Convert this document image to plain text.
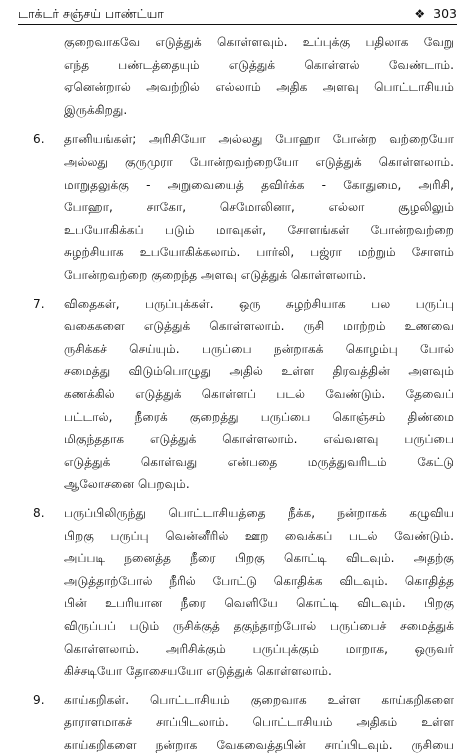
டாக்டர் சஞ்சய் பாண்ட்யா	❖ 303
குறைவாகவே எடுத்துக் கொள்ளவும். உப்புக்கு பதிலாக வேறு
எந்த பண்டத்தையும் எடுத்துக் கொள்ளல் வேண்டாம்.
ஏனென்றால் அவற்றில் எல்லாம் அதிக அளவு பொட்டாசியம்
இருக்கிறது.
6. தானியங்கள்; அரிசியோ அல்லது போஹா போன்ற வற்றையோ
அல்லது குருமுரா போன்றவற்றையோ எடுத்துக் கொள்ளலாம்.
மாறுதலுக்கு - அறுவையைத் தவிர்க்க - கோதுமை, அரிசி,
போஹா, சாகோ, செமோலினா, எல்லா சூழலிலும்
உபயோகிக்கப் படும் மாவுகள், சோளங்கள் போன்றவற்றை
சுழற்சியாக உபயோகிக்கலாம். பார்லி, பஜ்ரா மற்றும் சோளம்
போன்றவற்றை குறைந்த அளவு எடுத்துக் கொள்ளலாம்.
7. விதைகள், பருப்புக்கள். ஒரு சுழற்சியாக பல பருப்பு
வகைகளை எடுத்துக் கொள்ளலாம். ருசி மாற்றம் உணவை
ருசிக்கச் செய்யும். பருப்பை நன்றாகக் கொழம்பு போல்
சமைத்து விடும்பொழுது அதில் உள்ள திரவத்தின் அளவும்
கணக்கில் எடுத்துக் கொள்ளப் படல் வேண்டும். தேவைப்
பட்டால், நீரைக் குறைத்து பருப்பை கொஞ்சம் திண்மை
மிகுந்ததாக எடுத்துக் கொள்ளலாம். எவ்வளவு பருப்பை
எடுத்துக் கொள்வது என்பதை மருத்துவரிடம் கேட்டு
ஆலோசனை பெறவும்.
8. பருப்பிலிருந்து பொட்டாசியத்தை நீக்க, நன்றாகக் கழுவிய
பிறகு பருப்பு வென்னீரில் ஊற வைக்கப் படல் வேண்டும்.
அப்படி நனைத்த நீரை பிறகு கொட்டி விடவும். அதற்கு
அடுத்தாற்போல் நீரில் போட்டு கொதிக்க விடவும். கொதித்த
பின் உபரியான நீரை வெளியே கொட்டி விடவும். பிறகு
விருப்பப் படும் ருசிக்குத் தகுந்தாற்போல் பருப்பைச் சமைத்துக்
கொள்ளலாம். அரிசிக்கும் பருப்புக்கும் மாறாக, ஒருவர்
கிச்சடியோ தோசையயோ எடுத்துக் கொள்ளலாம்.
9. காய்கறிகள். பொட்டாசியம் குறைவாக உள்ள காய்கறிகளை
தாராளமாகச் சாப்பிடலாம். பொட்டாசியம் அதிகம் உள்ள
காய்கறிகளை நன்றாக வேகவைத்தபின் சாப்பிடவும். ருசியை
